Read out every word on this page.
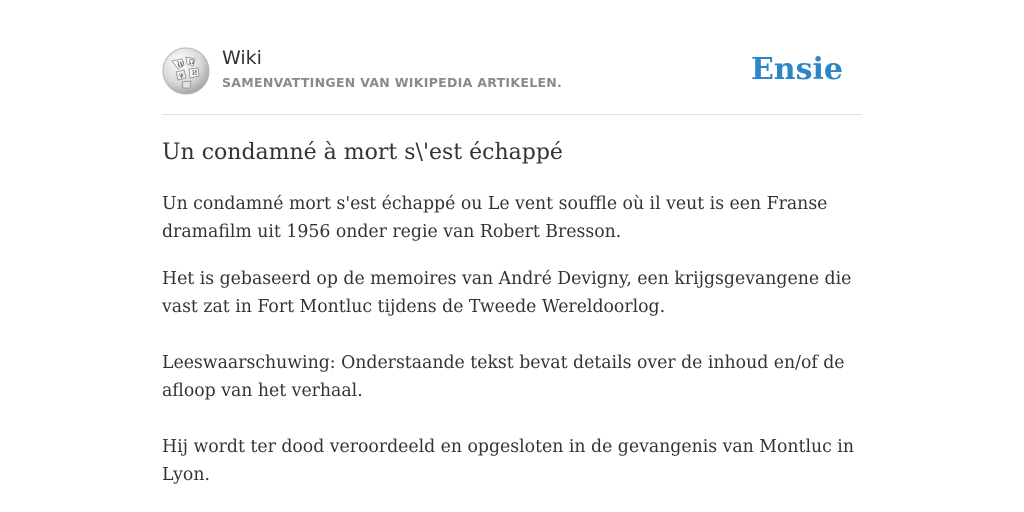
W Ω
И
ψ
Wiki
SAMENVATTINGEN VAN WIKIPEDIA ARTIKELEN.	Ensie
Un condamné à mort s\'est échappé

Un condamné mort s'est échappé ou Le vent souffle où il veut is een Franse dramafilm uit 1956 onder regie van Robert Bresson.

Het is gebaseerd op de memoires van André Devigny, een krijgsgevangene die vast zat in Fort Montluc tijdens de Tweede Wereldoorlog.

Leeswaarschuwing: Onderstaande tekst bevat details over de inhoud en/of de afloop van het verhaal.

Hij wordt ter dood veroordeeld en opgesloten in de gevangenis van Montluc in Lyon.
